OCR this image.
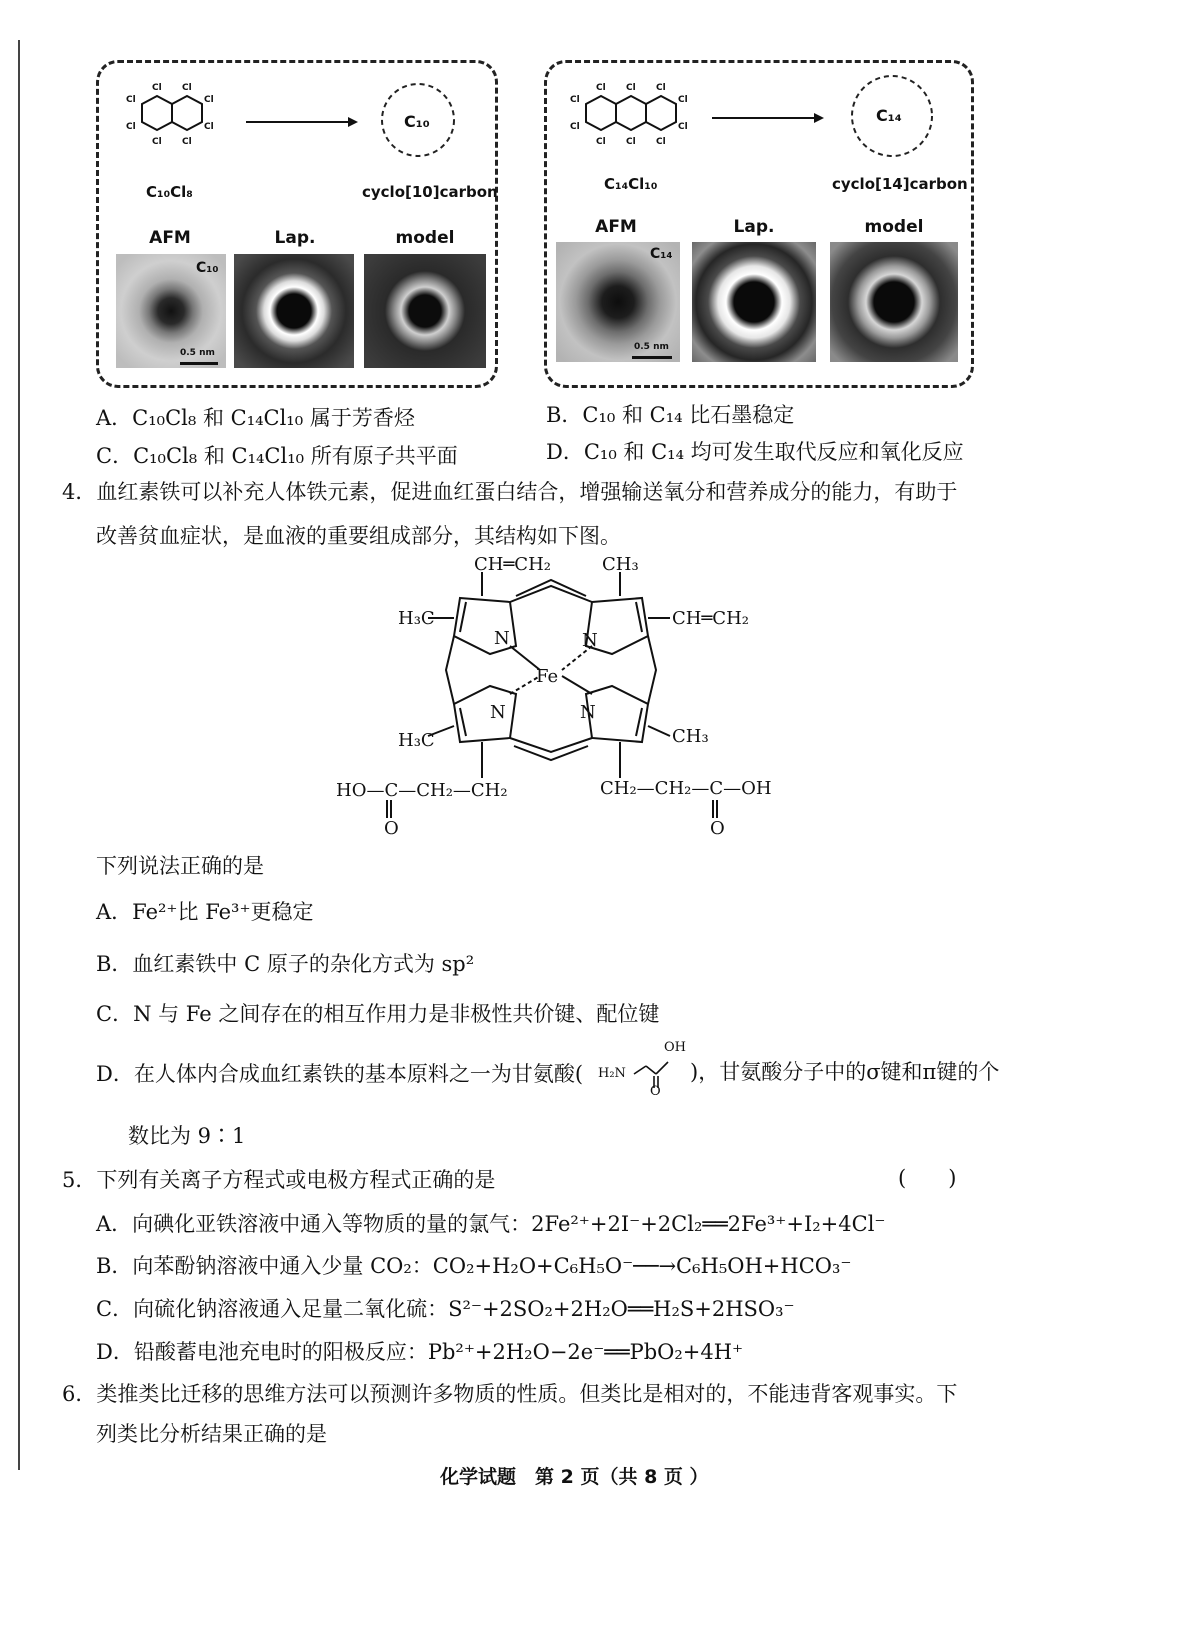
Cl Cl
Cl	Cl
Cl	Cl
Cl Cl
C₁₀Cl₈
C₁₀
cyclo[10]carbon
AFM	Lap.	model
C₁₀
0.5 nm
Cl Cl Cl
Cl	Cl
Cl	Cl
Cl Cl Cl
C₁₄Cl₁₀
C₁₄
cyclo[14]carbon
AFM	Lap.	model
C₁₄
0.5 nm
A．C₁₀Cl₈ 和 C₁₄Cl₁₀ 属于芳香烃	B．C₁₀ 和 C₁₄ 比石墨稳定
C．C₁₀Cl₈ 和 C₁₄Cl₁₀ 所有原子共平面	D．C₁₀ 和 C₁₄ 均可发生取代反应和氧化反应
4．血红素铁可以补充人体铁元素，促进血红蛋白结合，增强输送氧分和营养成分的能力，有助于
改善贫血症状，是血液的重要组成部分，其结构如下图。
CH═CH₂	CH₃
H₃C	CH═CH₂
N	N
Fe
N	N
H₃C	CH₃
HO—C—CH₂—CH₂	CH₂—CH₂—C—OH
O	O
下列说法正确的是
A．Fe²⁺比 Fe³⁺更稳定
B．血红素铁中 C 原子的杂化方式为 sp²
C．N 与 Fe 之间存在的相互作用力是非极性共价键、配位键
D．在人体内合成血红素铁的基本原料之一为甘氨酸( H₂N
OH
O
)，甘氨酸分子中的σ键和π键的个
数比为 9∶1
5．下列有关离子方程式或电极方程式正确的是	(　　)
A．向碘化亚铁溶液中通入等物质的量的氯气：2Fe²⁺+2I⁻+2Cl₂══2Fe³⁺+I₂+4Cl⁻
B．向苯酚钠溶液中通入少量 CO₂：CO₂+H₂O+C₆H₅O⁻──→C₆H₅OH+HCO₃⁻
C．向硫化钠溶液通入足量二氧化硫：S²⁻+2SO₂+2H₂O══H₂S+2HSO₃⁻
D．铅酸蓄电池充电时的阳极反应：Pb²⁺+2H₂O−2e⁻══PbO₂+4H⁺
6．类推类比迁移的思维方法可以预测许多物质的性质。但类比是相对的，不能违背客观事实。下
列类比分析结果正确的是
化学试题　第 2 页（共 8 页 ）
